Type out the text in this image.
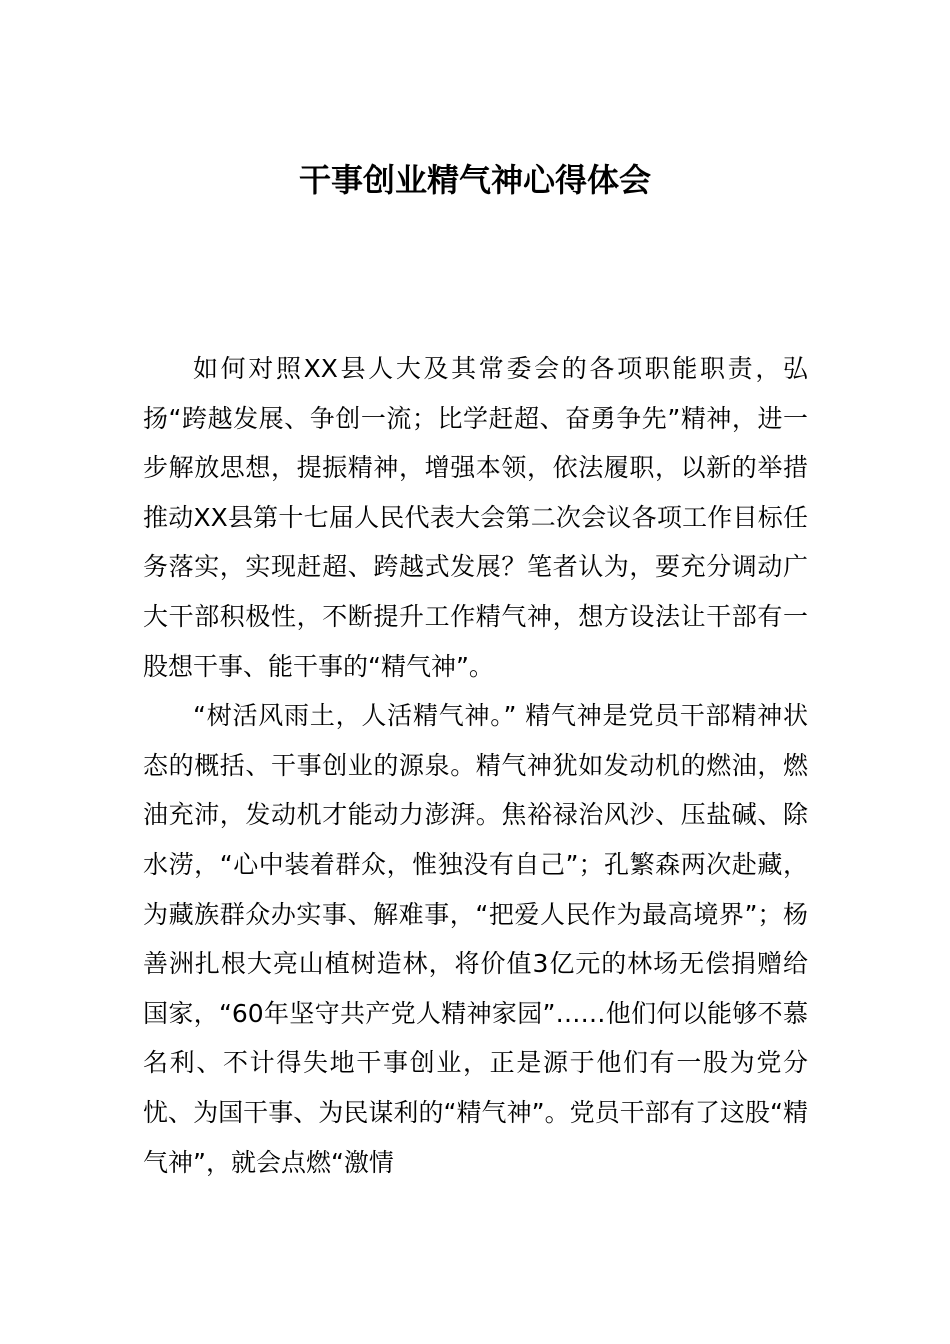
干事创业精气神心得体会

如何对照XX县人大及其常委会的各项职能职责，弘扬“跨越发展、争创一流；比学赶超、奋勇争先”精神，进一步解放思想，提振精神，增强本领，依法履职，以新的举措推动XX县第十七届人民代表大会第二次会议各项工作目标任务落实，实现赶超、跨越式发展？笔者认为，要充分调动广大干部积极性，不断提升工作精气神，想方设法让干部有一股想干事、能干事的“精气神”。

“树活风雨土，人活精气神。” 精气神是党员干部精神状态的概括、干事创业的源泉。精气神犹如发动机的燃油，燃油充沛，发动机才能动力澎湃。焦裕禄治风沙、压盐碱、除水涝，“心中装着群众，惟独没有自己”；孔繁森两次赴藏，为藏族群众办实事、解难事，“把爱人民作为最高境界”；杨善洲扎根大亮山植树造林，将价值3亿元的林场无偿捐赠给国家，“60年坚守共产党人精神家园”……他们何以能够不慕名利、不计得失地干事创业，正是源于他们有一股为党分忧、为国干事、为民谋利的“精气神”。党员干部有了这股“精气神”，就会点燃“激情
